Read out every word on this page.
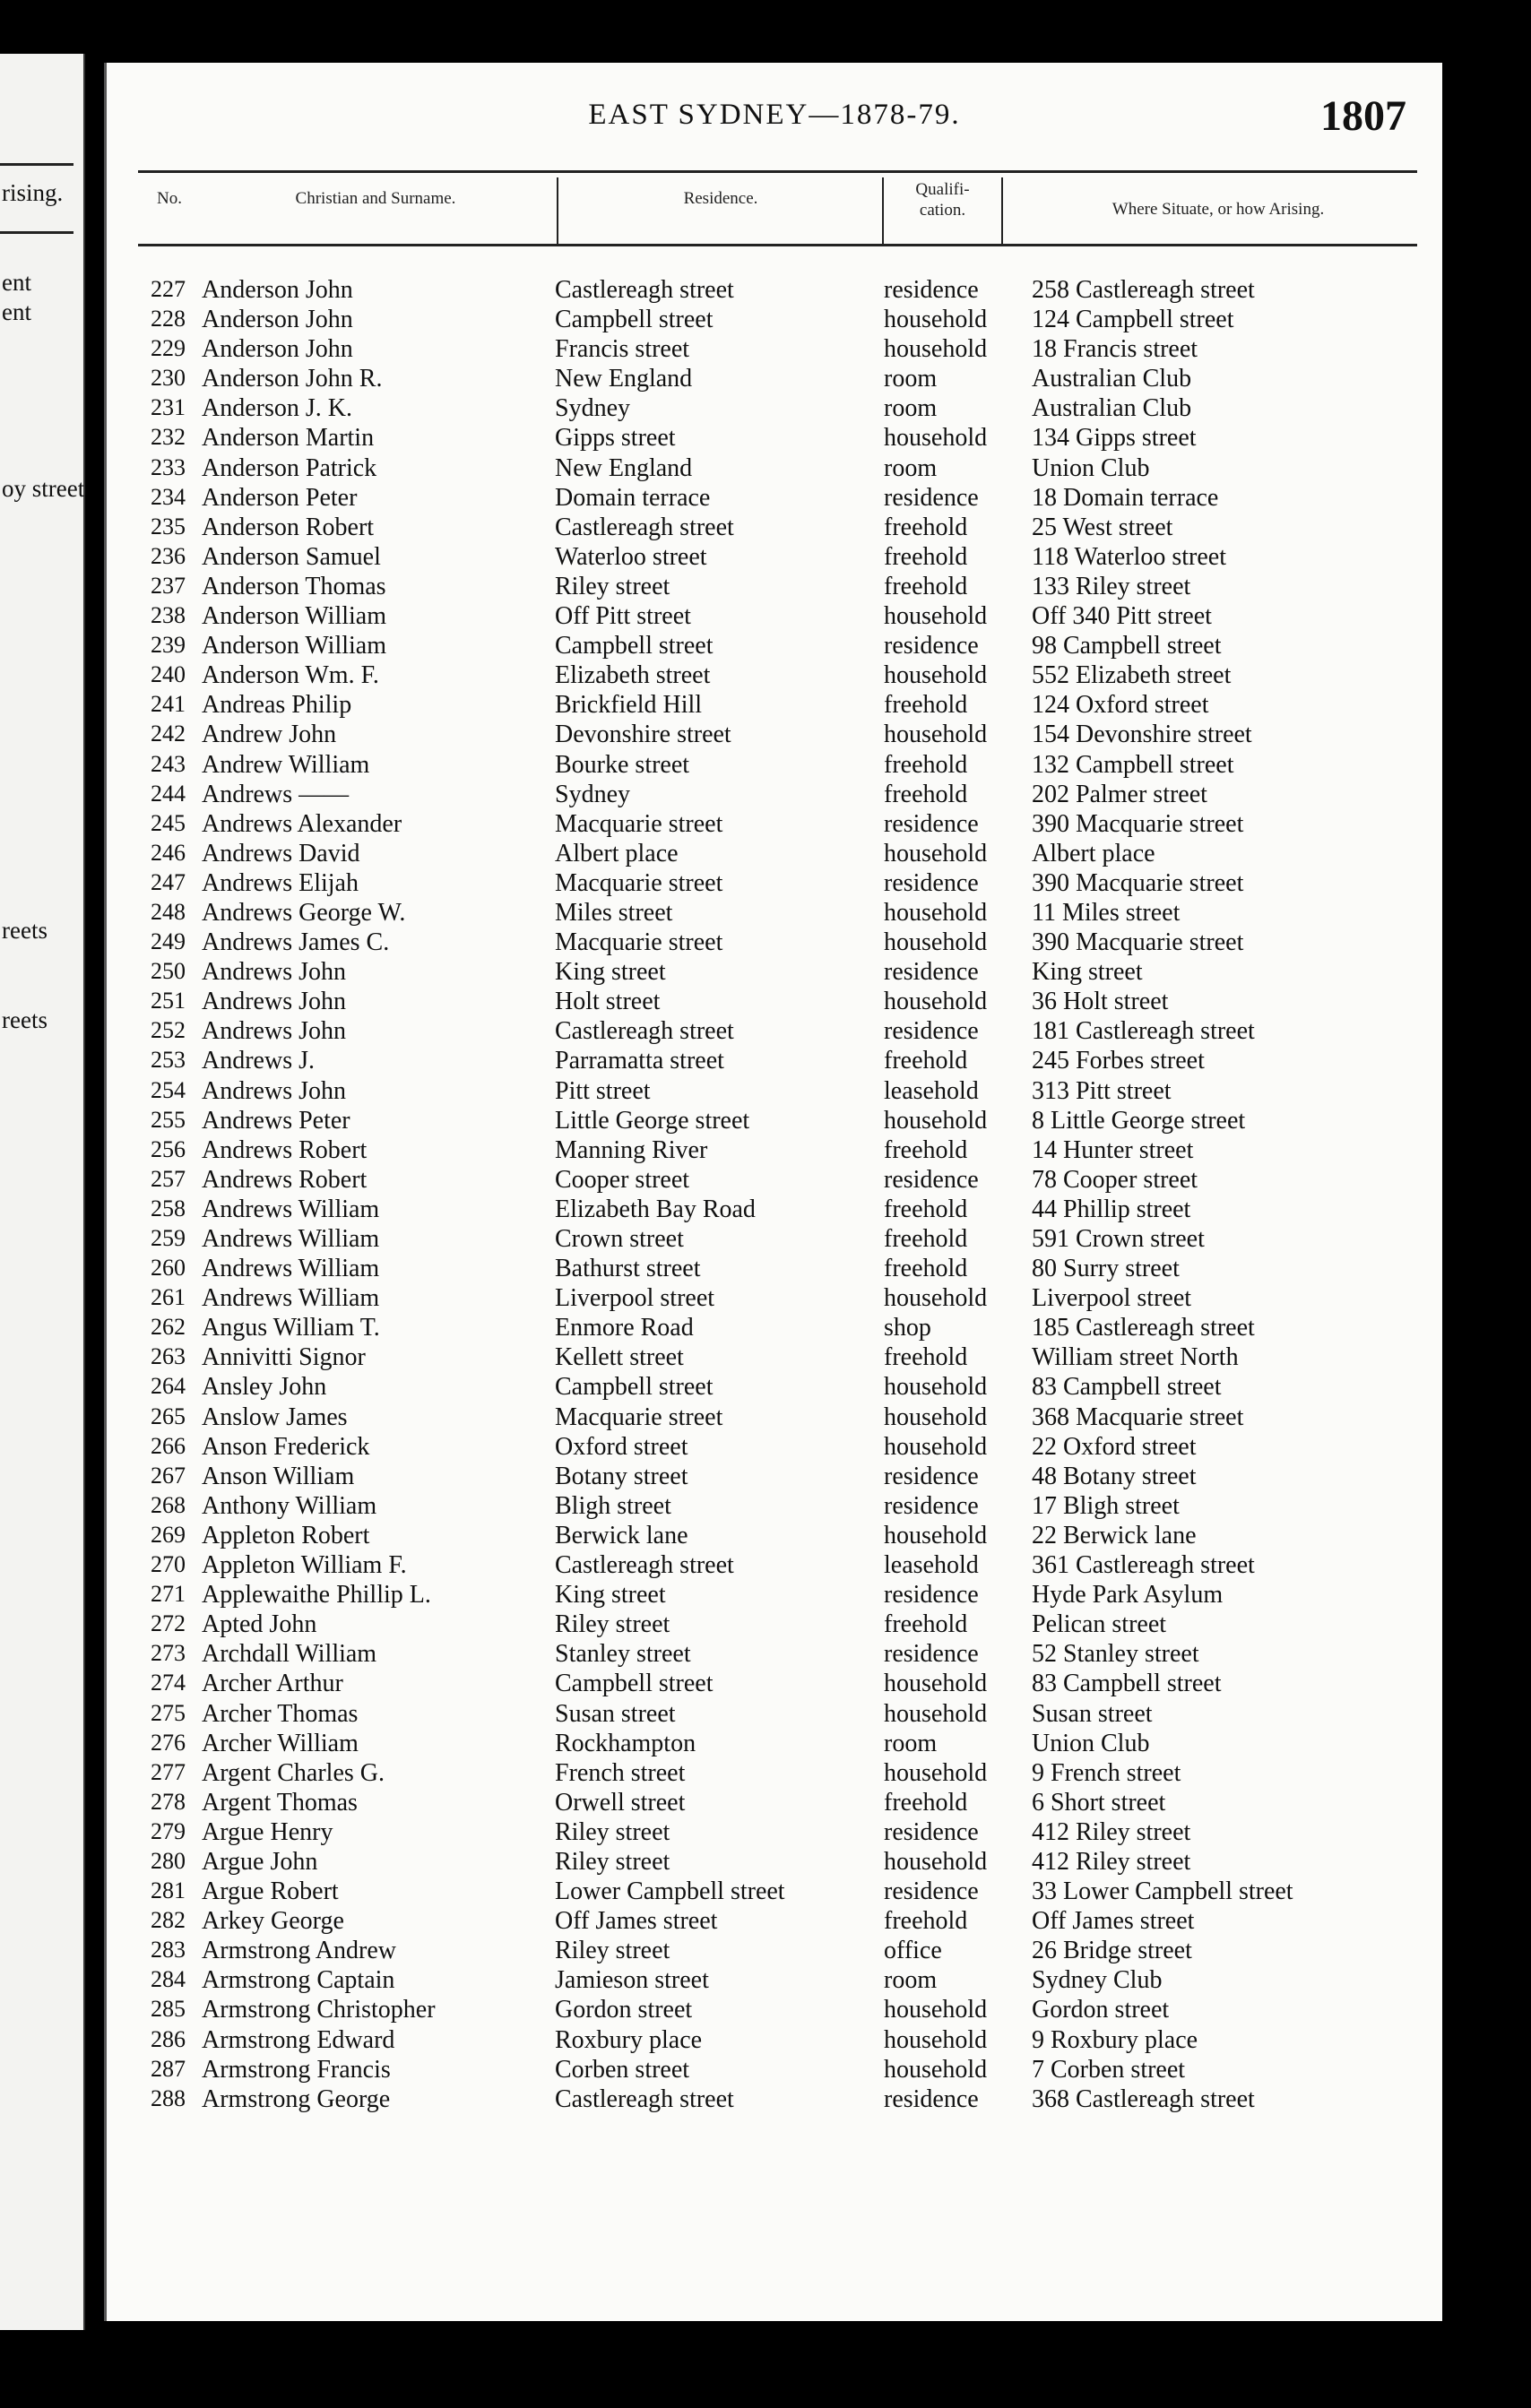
rising.
ent
ent
oy street
reets
reets
EAST SYDNEY—1878-79.	1807
No.	Christian and Surname.	Residence.	Qualifi-cation.	Where Situate, or how Arising.
227 Anderson John	Castlereagh street	residence 258 Castlereagh street
228 Anderson John	Campbell street	household 124 Campbell street
229 Anderson John	Francis street	household 18 Francis street
230 Anderson John R.	New England	room	Australian Club
231 Anderson J. K.	Sydney	room	Australian Club
232 Anderson Martin	Gipps street	household 134 Gipps street
233 Anderson Patrick	New England	room	Union Club
234 Anderson Peter	Domain terrace	residence 18 Domain terrace
235 Anderson Robert	Castlereagh street	freehold	25 West street
236 Anderson Samuel	Waterloo street	freehold	118 Waterloo street
237 Anderson Thomas	Riley street	freehold	133 Riley street
238 Anderson William	Off Pitt street	household Off 340 Pitt street
239 Anderson William	Campbell street	residence 98 Campbell street
240 Anderson Wm. F.	Elizabeth street	household 552 Elizabeth street
241 Andreas Philip	Brickfield Hill	freehold	124 Oxford street
242 Andrew John	Devonshire street	household 154 Devonshire street
243 Andrew William	Bourke street	freehold	132 Campbell street
244 Andrews ——	Sydney	freehold	202 Palmer street
245 Andrews Alexander	Macquarie street	residence 390 Macquarie street
246 Andrews David	Albert place	household Albert place
247 Andrews Elijah	Macquarie street	residence 390 Macquarie street
248 Andrews George W.	Miles street	household 11 Miles street
249 Andrews James C.	Macquarie street	household 390 Macquarie street
250 Andrews John	King street	residence King street
251 Andrews John	Holt street	household 36 Holt street
252 Andrews John	Castlereagh street	residence 181 Castlereagh street
253 Andrews J.	Parramatta street	freehold	245 Forbes street
254 Andrews John	Pitt street	leasehold 313 Pitt street
255 Andrews Peter	Little George street	household 8 Little George street
256 Andrews Robert	Manning River	freehold	14 Hunter street
257 Andrews Robert	Cooper street	residence 78 Cooper street
258 Andrews William	Elizabeth Bay Road	freehold	44 Phillip street
259 Andrews William	Crown street	freehold	591 Crown street
260 Andrews William	Bathurst street	freehold	80 Surry street
261 Andrews William	Liverpool street	household Liverpool street
262 Angus William T.	Enmore Road	shop	185 Castlereagh street
263 Annivitti Signor	Kellett street	freehold	William street North
264 Ansley John	Campbell street	household 83 Campbell street
265 Anslow James	Macquarie street	household 368 Macquarie street
266 Anson Frederick	Oxford street	household 22 Oxford street
267 Anson William	Botany street	residence 48 Botany street
268 Anthony William	Bligh street	residence 17 Bligh street
269 Appleton Robert	Berwick lane	household 22 Berwick lane
270 Appleton William F.	Castlereagh street	leasehold 361 Castlereagh street
271 Applewaithe Phillip L.	King street	residence Hyde Park Asylum
272 Apted John	Riley street	freehold	Pelican street
273 Archdall William	Stanley street	residence 52 Stanley street
274 Archer Arthur	Campbell street	household 83 Campbell street
275 Archer Thomas	Susan street	household Susan street
276 Archer William	Rockhampton	room	Union Club
277 Argent Charles G.	French street	household 9 French street
278 Argent Thomas	Orwell street	freehold	6 Short street
279 Argue Henry	Riley street	residence 412 Riley street
280 Argue John	Riley street	household 412 Riley street
281 Argue Robert	Lower Campbell street	residence 33 Lower Campbell street
282 Arkey George	Off James street	freehold	Off James street
283 Armstrong Andrew	Riley street	office	26 Bridge street
284 Armstrong Captain	Jamieson street	room	Sydney Club
285 Armstrong Christopher	Gordon street	household Gordon street
286 Armstrong Edward	Roxbury place	household 9 Roxbury place
287 Armstrong Francis	Corben street	household 7 Corben street
288 Armstrong George	Castlereagh street	residence 368 Castlereagh street
